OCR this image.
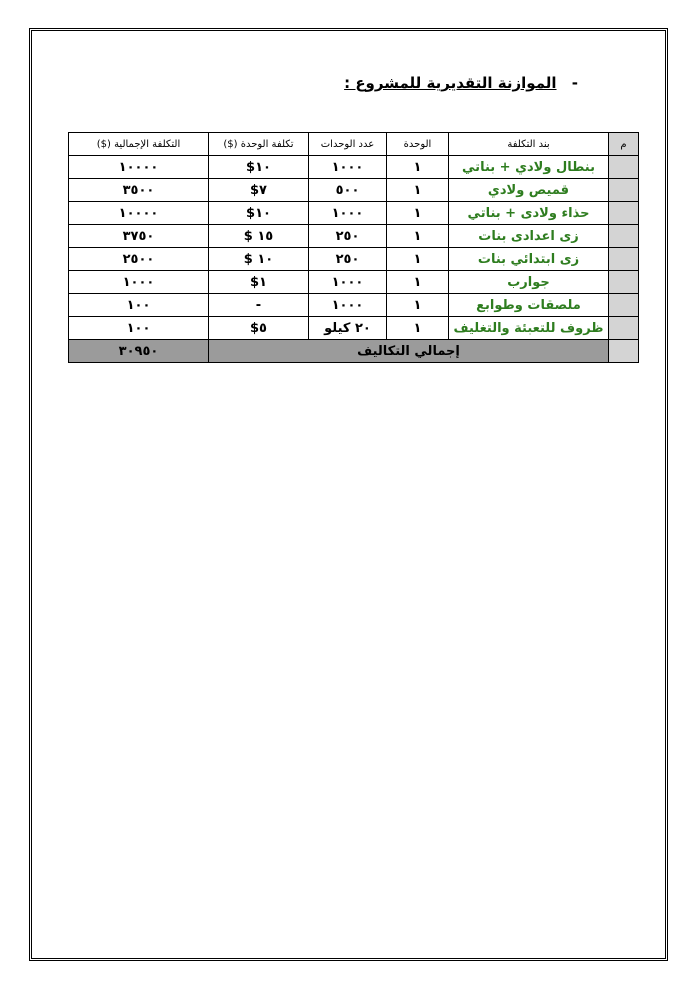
- الموازنة التقديرية للمشروع :
م	بند التكلفة	الوحدة	عدد الوحدات	تكلفة الوحدة ($)	التكلفة الإجمالية ($)
	بنطال ولادي + بناتي	١	١٠٠٠	١٠$	١٠٠٠٠
	قميص ولادي	١	٥٠٠	٧$	٣٥٠٠
	حذاء ولادى + بناتي	١	١٠٠٠	١٠$	١٠٠٠٠
	زى اعدادى بنات	١	٢٥٠	١٥ $	٣٧٥٠
	زى ابتدائي بنات	١	٢٥٠	١٠ $	٢٥٠٠
	جوارب	١	١٠٠٠	١$	١٠٠٠
	ملصقات وطوابع	١	١٠٠٠	-	١٠٠
	ظروف للتعبئة والتغليف	١	٢٠ كيلو	٥$	١٠٠
	إجمالي التكاليف				٣٠٩٥٠
